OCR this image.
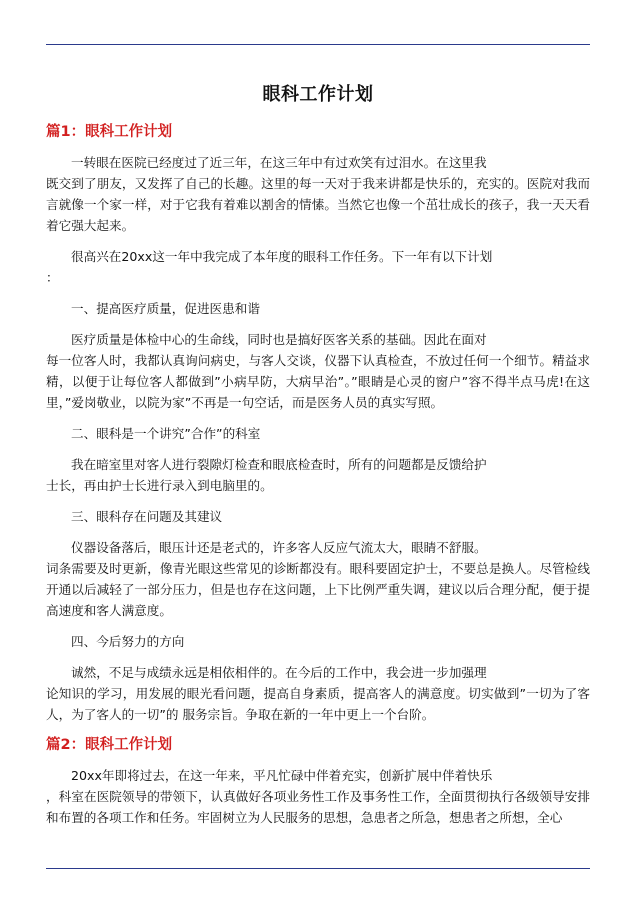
眼科工作计划
篇1：眼科工作计划

一转眼在医院已经度过了近三年，在这三年中有过欢笑有过泪水。在这里我
既交到了朋友，又发挥了自己的长趣。这里的每一天对于我来讲都是快乐的，充实的。医院对我而言就像一个家一样，对于它我有着难以割舍的情愫。当然它也像一个茁壮成长的孩子，我一天天看着它强大起来。

很高兴在20xx这一年中我完成了本年度的眼科工作任务。下一年有以下计划
：

一、提高医疗质量，促进医患和谐

医疗质量是体检中心的生命线，同时也是搞好医客关系的基础。因此在面对
每一位客人时，我都认真询问病史，与客人交谈，仪器下认真检查，不放过任何一个细节。精益求精，以便于让每位客人都做到”小病早防，大病早治”。”眼睛是心灵的窗户”容不得半点马虎!在这里，”爱岗敬业，以院为家”不再是一句空话，而是医务人员的真实写照。

二、眼科是一个讲究”合作”的科室

我在暗室里对客人进行裂隙灯检查和眼底检查时，所有的问题都是反馈给护
士长，再由护士长进行录入到电脑里的。

三、眼科存在问题及其建议

仪器设备落后，眼压计还是老式的，许多客人反应气流太大，眼睛不舒服。
词条需要及时更新，像青光眼这些常见的诊断都没有。眼科要固定护士，不要总是换人。尽管检线开通以后减轻了一部分压力，但是也存在这问题，上下比例严重失调，建议以后合理分配，便于提高速度和客人满意度。

四、今后努力的方向

诚然，不足与成绩永远是相依相伴的。在今后的工作中，我会进一步加强理
论知识的学习，用发展的眼光看问题，提高自身素质，提高客人的满意度。切实做到”一切为了客人，为了客人的一切”的 服务宗旨。争取在新的一年中更上一个台阶。

篇2：眼科工作计划

20xx年即将过去，在这一年来，平凡忙碌中伴着充实，创新扩展中伴着快乐
，科室在医院领导的带领下，认真做好各项业务性工作及事务性工作，全面贯彻执行各级领导安排和布置的各项工作和任务。牢固树立为人民服务的思想，急患者之所急，想患者之所想，全心
